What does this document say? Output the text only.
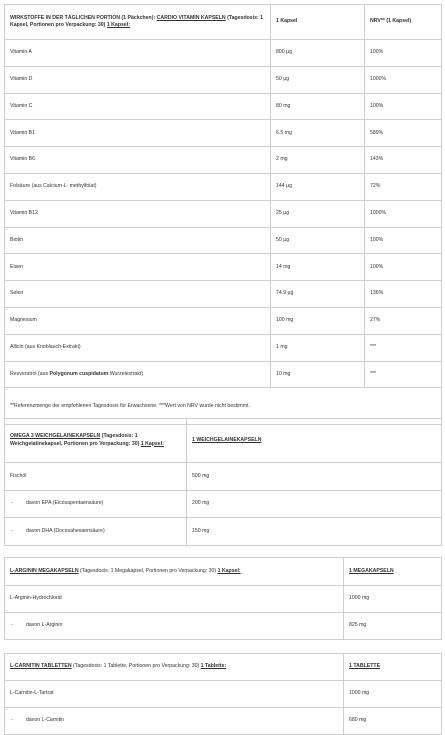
WIRKSTOFFE IN DER TÄGLICHEN PORTION (1 Päckchen): CARDIO VITAMIN KAPSELN (Tagesdosis: 1 Kapsel, Portionen pro Verpackung: 30) 1 Kapsel:	1 Kapsel	NRV** (1 Kapsel)
Vitamin A	800 µg	100%
Vitamin D	50 µg	1000%
Vitamin C	80 mg	100%
Vitamin B1	6.5 mg	589%
Vitamin B6	2 mg	143%
Folsäure (aus Calcium-L- methylfolat)	144 µg	72%
Vitamin B12	25 µg	1000%
Biotin	50 µg	100%
Eisen	14 mg	100%
Selen	74.9 µg	136%
Magnesium	100 mg	27%
Allicin (aus Knoblauch-Extrakt)	1 mg	***
Resveratrol (aus Polygonum cuspidatum Wurzelextrakt)	10 mg	***
**Referenzmenge der empfohlenen Tagesdosis für Erwachsene. ***Wert von NRV wurde nicht bestimmt.		
OMEGA 3 WEICHGELAINEKAPSELN (Tagesdosis: 1 Weichgelatinekapsel, Portionen pro Verpackung: 30) 1 Kapsel:	1 WEICHGELAINEKAPSELN
Fischöl	500 mg
- davon EPA (Eicosapentaensäure)	200 mg
- davon DHA (Docosahexaensäure)	150 mg
L-ARGININ MEGAKAPSELN (Tagesdosis: 1 Megakapsel, Portionen pro Verpackung: 30) 1 Kapsel:	1 MEGAKAPSELN
L-Arginin-Hydrochlorid	1000 mg
- davon L-Arginin	825 mg
L-CARNITIN TABLETTEN (Tagesdosis: 1 Tablette, Portionen pro Verpackung: 30) 1 Tablette:	1 TABLETTE
L-Carnitin-L-Tartrat	1000 mg
- davon L-Carnitin	680 mg
